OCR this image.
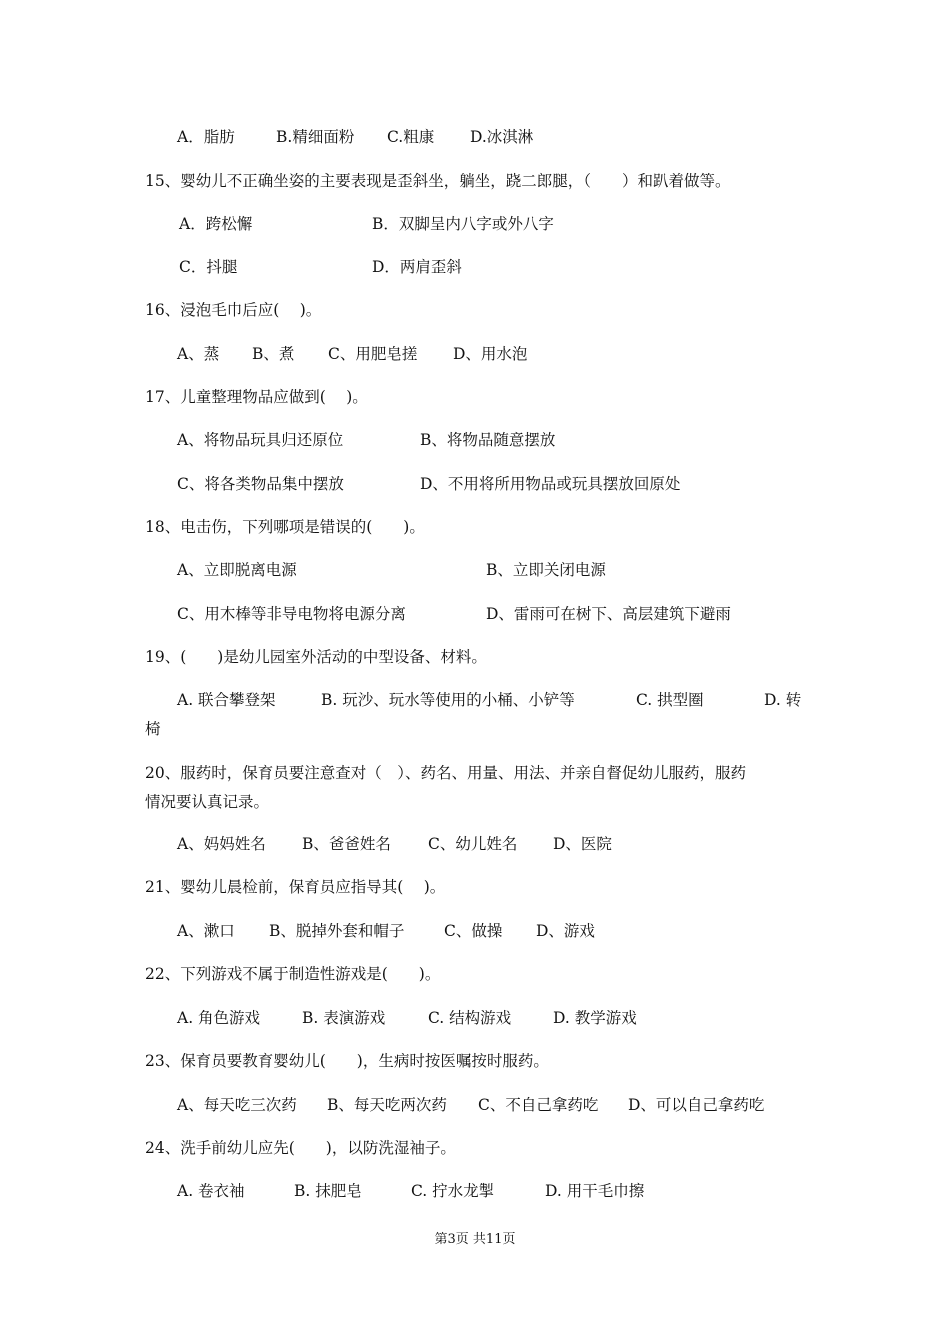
A．脂肪	B.精细面粉 C.粗康 D.冰淇淋
15、婴幼儿不正确坐姿的主要表现是歪斜坐，躺坐，跷二郎腿，（　　）和趴着做等。
A．跨松懈	B．双脚呈内八字或外八字
C．抖腿	D．两肩歪斜
16、浸泡毛巾后应(　 )。
A、蒸 B、煮 C、用肥皂搓 D、用水泡
17、儿童整理物品应做到(　 )。
A、将物品玩具归还原位	B、将物品随意摆放
C、将各类物品集中摆放	D、不用将所用物品或玩具摆放回原处
18、电击伤，下列哪项是错误的(　　)。
A、立即脱离电源	B、立即关闭电源
C、用木棒等非导电物将电源分离	D、雷雨可在树下、高层建筑下避雨
19、(　　)是幼儿园室外活动的中型设备、材料。
A. 联合攀登架	B. 玩沙、玩水等使用的小桶、小铲等	C. 拱型圈	D. 转
椅
20、服药时，保育员要注意查对（　）、药名、用量、用法、并亲自督促幼儿服药，服药
情况要认真记录。
A、妈妈姓名 B、爸爸姓名 C、幼儿姓名 D、医院
21、婴幼儿晨检前，保育员应指导其(　 )。
A、漱口 B、脱掉外套和帽子	C、做操 D、游戏
22、下列游戏不属于制造性游戏是(　　)。
A. 角色游戏	B. 表演游戏	C. 结构游戏	D. 教学游戏
23、保育员要教育婴幼儿(　　)，生病时按医嘱按时服药。
A、每天吃三次药 B、每天吃两次药 C、不自己拿药吃 D、可以自己拿药吃
24、洗手前幼儿应先(　　)，以防洗湿袖子。
A. 卷衣袖	B. 抹肥皂	C. 拧水龙掣	D. 用干毛巾擦
第3页 共11页
